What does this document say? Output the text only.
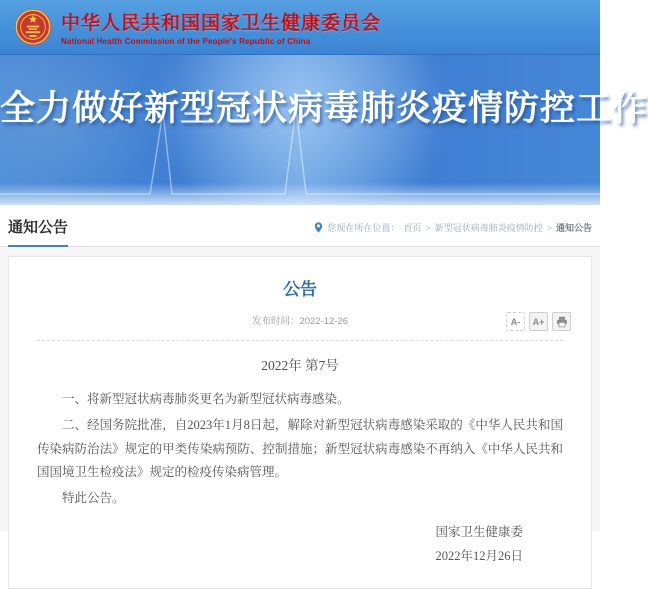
中华人民共和国国家卫生健康委员会
National Health Commission of the People's Republic of China
全力做好新型冠状病毒肺炎疫情防控工作
通知公告	您现在所在位置： 首页 > 新型冠状病毒肺炎疫情防控 > 通知公告
公告
发布时间：2022-12-26	A-	A+
2022年 第7号

一、将新型冠状病毒肺炎更名为新型冠状病毒感染。

二、经国务院批准，自2023年1月8日起，解除对新型冠状病毒感染采取的《中华人民共和国传染病防治法》规定的甲类传染病预防、控制措施；新型冠状病毒感染不再纳入《中华人民共和国国境卫生检疫法》规定的检疫传染病管理。

特此公告。

国家卫生健康委
2022年12月26日
